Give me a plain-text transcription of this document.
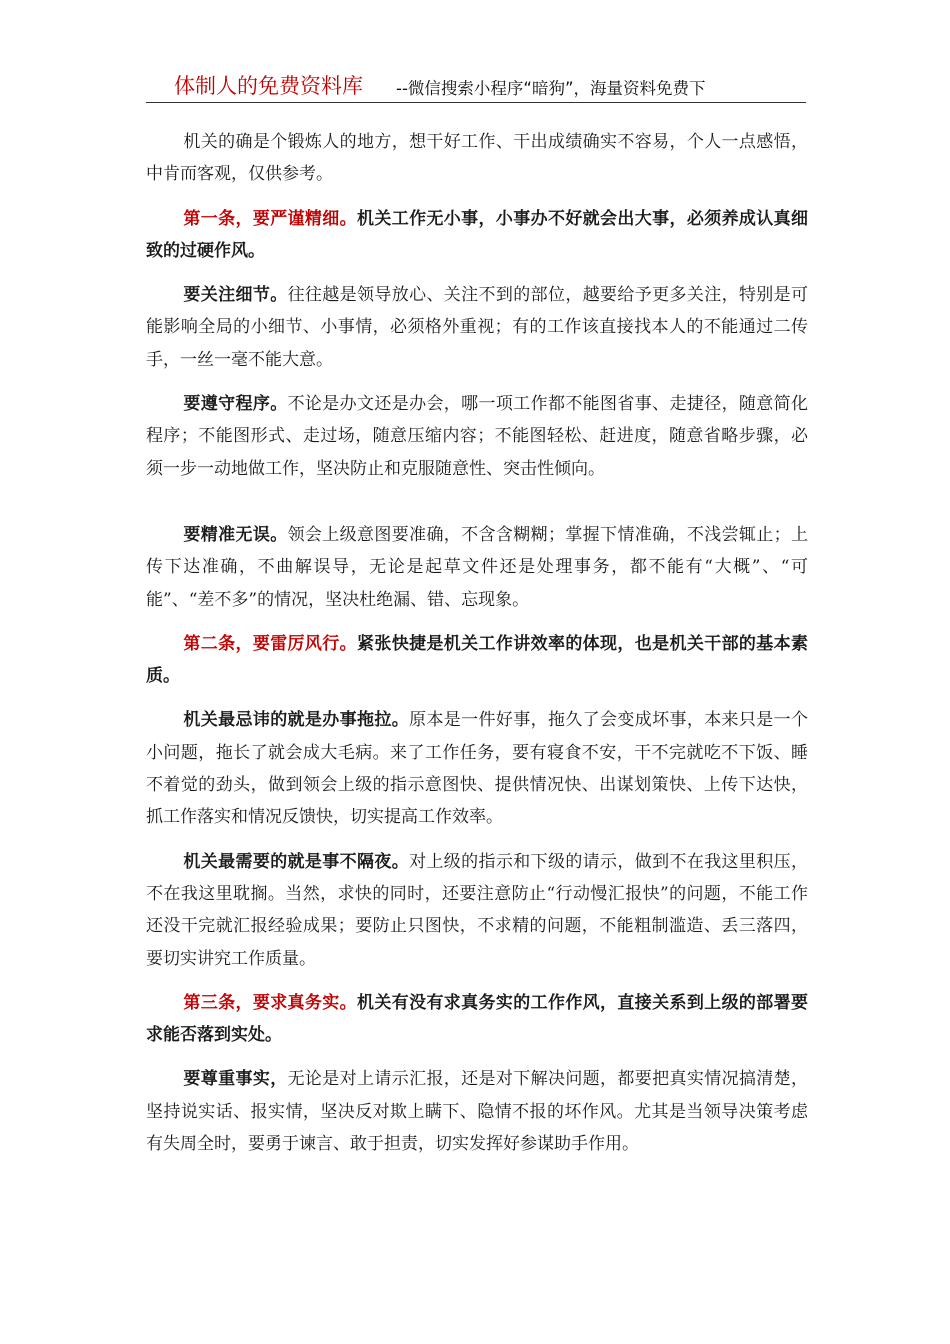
体制人的免费资料库 --微信搜索小程序“暗狗”，海量资料免费下

机关的确是个锻炼人的地方，想干好工作、干出成绩确实不容易，个人一点感悟，中肯而客观，仅供参考。

第一条，要严谨精细。机关工作无小事，小事办不好就会出大事，必须养成认真细致的过硬作风。

要关注细节。往往越是领导放心、关注不到的部位，越要给予更多关注，特别是可能影响全局的小细节、小事情，必须格外重视；有的工作该直接找本人的不能通过二传手，一丝一毫不能大意。

要遵守程序。不论是办文还是办会，哪一项工作都不能图省事、走捷径，随意简化程序；不能图形式、走过场，随意压缩内容；不能图轻松、赶进度，随意省略步骤，必须一步一动地做工作，坚决防止和克服随意性、突击性倾向。

要精准无误。领会上级意图要准确，不含含糊糊；掌握下情准确，不浅尝辄止；上传下达准确，不曲解误导，无论是起草文件还是处理事务，都不能有“大概”、“可能”、“差不多”的情况，坚决杜绝漏、错、忘现象。

第二条，要雷厉风行。紧张快捷是机关工作讲效率的体现，也是机关干部的基本素质。

机关最忌讳的就是办事拖拉。原本是一件好事，拖久了会变成坏事，本来只是一个小问题，拖长了就会成大毛病。来了工作任务，要有寝食不安，干不完就吃不下饭、睡不着觉的劲头，做到领会上级的指示意图快、提供情况快、出谋划策快、上传下达快，抓工作落实和情况反馈快，切实提高工作效率。

机关最需要的就是事不隔夜。对上级的指示和下级的请示，做到不在我这里积压，不在我这里耽搁。当然，求快的同时，还要注意防止“行动慢汇报快”的问题，不能工作还没干完就汇报经验成果；要防止只图快，不求精的问题，不能粗制滥造、丢三落四，要切实讲究工作质量。

第三条，要求真务实。机关有没有求真务实的工作作风，直接关系到上级的部署要求能否落到实处。

要尊重事实，无论是对上请示汇报，还是对下解决问题，都要把真实情况搞清楚，坚持说实话、报实情，坚决反对欺上瞒下、隐情不报的坏作风。尤其是当领导决策考虑有失周全时，要勇于谏言、敢于担责，切实发挥好参谋助手作用。
